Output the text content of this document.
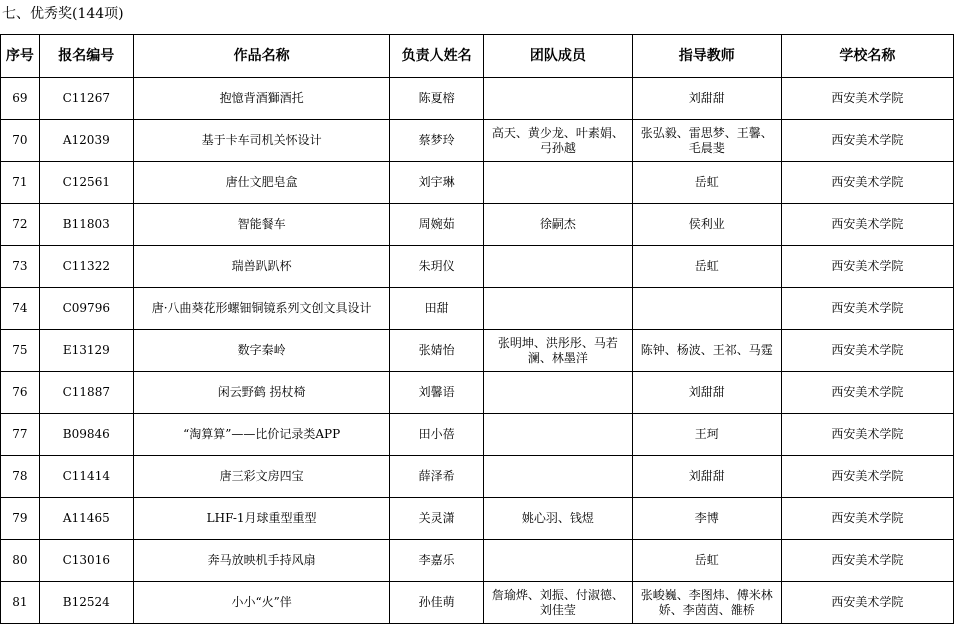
七、优秀奖(144项)
序号	报名编号	作品名称	负责人姓名	团队成员	指导教师	学校名称
69	C11267	抱憶背酒獅酒托	陈夏榕		刘甜甜	西安美术学院
70	A12039	基于卡车司机关怀设计	蔡梦玲	高天、黄少龙、叶素娟、弓孙越	张弘毅、雷思梦、王馨、毛晨斐	西安美术学院
71	C12561	唐仕文肥皂盒	刘宇琳		岳虹	西安美术学院
72	B11803	智能餐车	周婉茹	徐嗣杰	侯利业	西安美术学院
73	C11322	瑞兽趴趴杯	朱玥仪		岳虹	西安美术学院
74	C09796	唐·八曲葵花形螺钿铜镜系列文创文具设计	田甜			西安美术学院
75	E13129	数字秦岭	张婧怡	张明坤、洪彤彤、马若澜、林墨洋	陈钟、杨波、王祁、马霆	西安美术学院
76	C11887	闲云野鹤 拐杖椅	刘馨语		刘甜甜	西安美术学院
77	B09846	“淘算算”——比价记录类APP	田小蓓		王珂	西安美术学院
78	C11414	唐三彩文房四宝	薛泽希		刘甜甜	西安美术学院
79	A11465	LHF-1月球重型重型	关灵潇	姚心羽、钱煜	李博	西安美术学院
80	C13016	奔马放映机手持风扇	李嘉乐		岳虹	西安美术学院
81	B12524	小小“火”伴	孙佳萌	詹瑜烨、刘振、付淑德、刘佳莹	张峻巍、李图炜、傅米林娇、李茵茵、雒桥	西安美术学院
